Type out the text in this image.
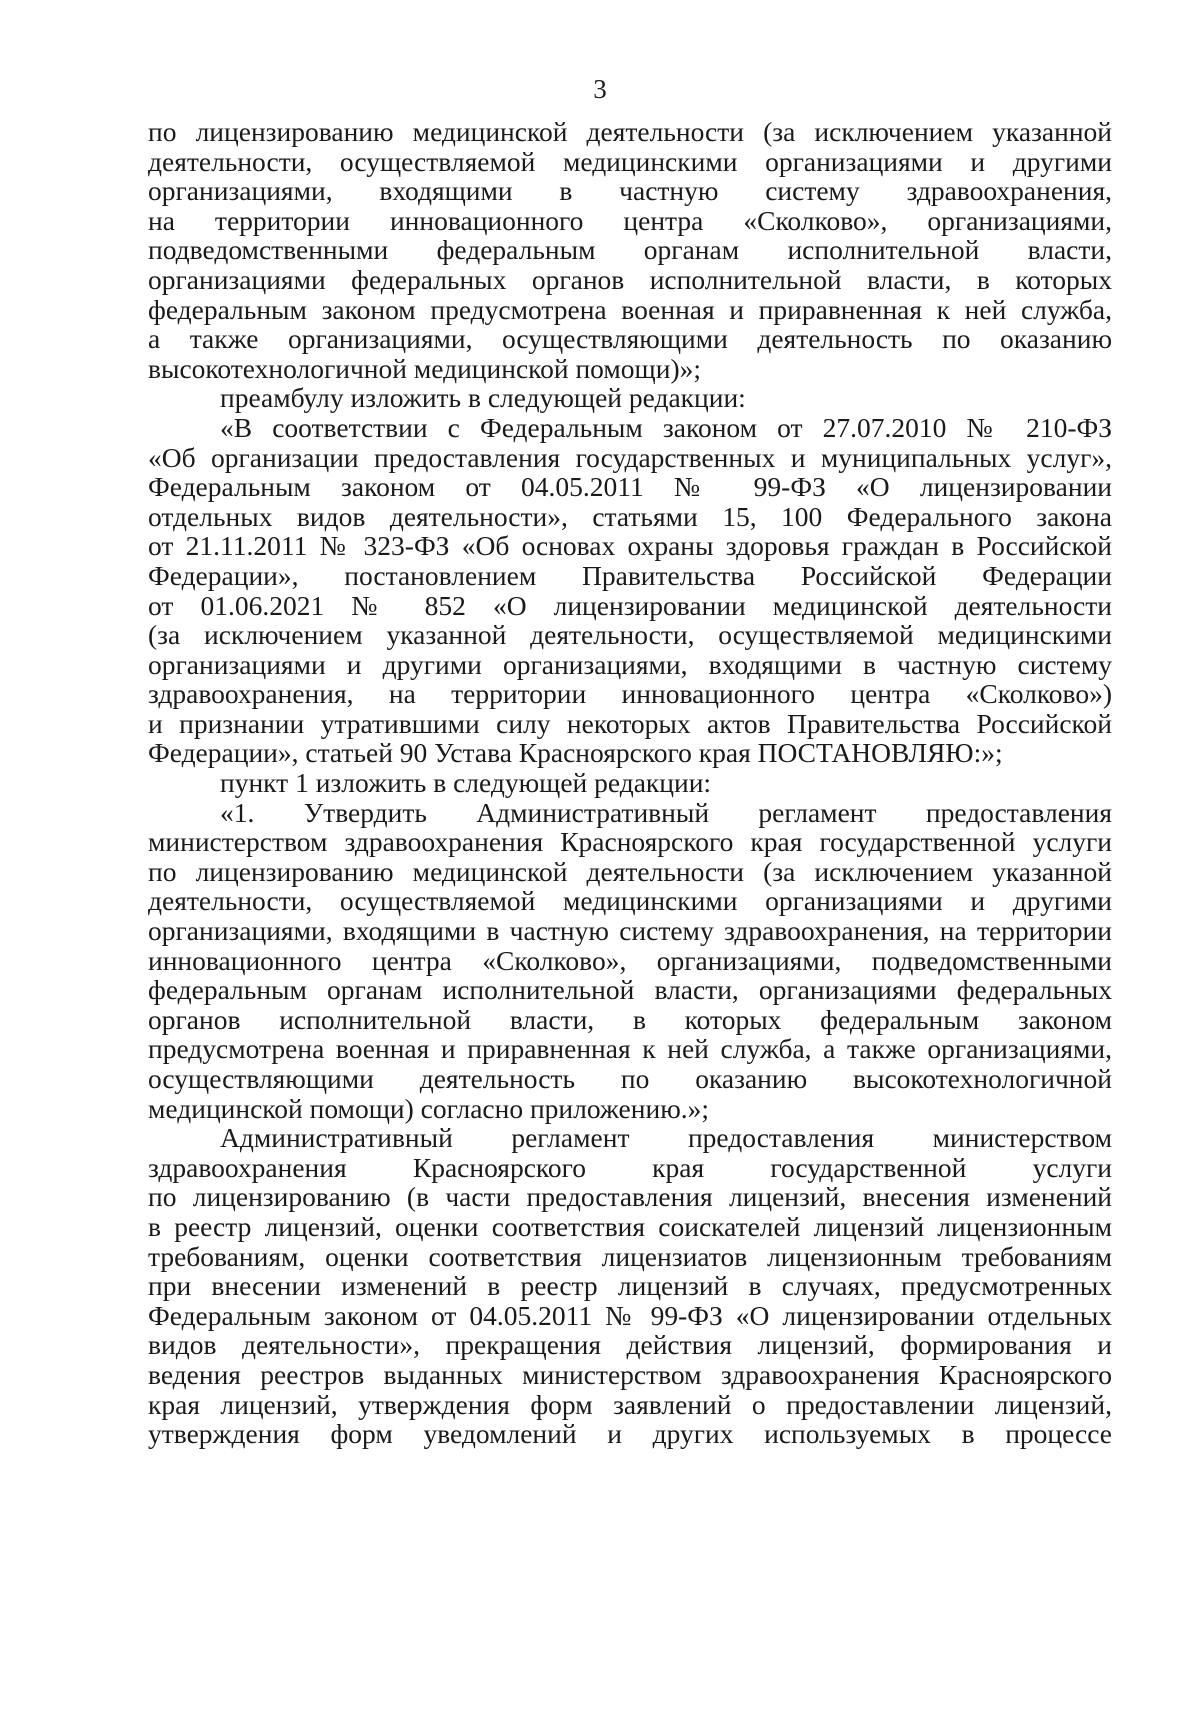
3

по лицензированию медицинской деятельности (за исключением указанной

деятельности, осуществляемой медицинскими организациями и другими

организациями, входящими в частную систему здравоохранения,

на территории инновационного центра «Сколково», организациями,

подведомственными федеральным органам исполнительной власти,

организациями федеральных органов исполнительной власти, в которых

федеральным законом предусмотрена военная и приравненная к ней служба,

а также организациями, осуществляющими деятельность по оказанию

высокотехнологичной медицинской помощи)»;

преамбулу изложить в следующей редакции:

«В соответствии с Федеральным законом от 27.07.2010 № 210-ФЗ

«Об организации предоставления государственных и муниципальных услуг»,

Федеральным законом от 04.05.2011 № 99-ФЗ «О лицензировании

отдельных видов деятельности», статьями 15, 100 Федерального закона

от 21.11.2011 № 323-ФЗ «Об основах охраны здоровья граждан в Российской

Федерации», постановлением Правительства Российской Федерации

от 01.06.2021 № 852 «О лицензировании медицинской деятельности

(за исключением указанной деятельности, осуществляемой медицинскими

организациями и другими организациями, входящими в частную систему

здравоохранения, на территории инновационного центра «Сколково»)

и признании утратившими силу некоторых актов Правительства Российской

Федерации», статьей 90 Устава Красноярского края ПОСТАНОВЛЯЮ:»;

пункт 1 изложить в следующей редакции:

«1. Утвердить Административный регламент предоставления

министерством здравоохранения Красноярского края государственной услуги

по лицензированию медицинской деятельности (за исключением указанной

деятельности, осуществляемой медицинскими организациями и другими

организациями, входящими в частную систему здравоохранения, на территории

инновационного центра «Сколково», организациями, подведомственными

федеральным органам исполнительной власти, организациями федеральных

органов исполнительной власти, в которых федеральным законом

предусмотрена военная и приравненная к ней служба, а также организациями,

осуществляющими деятельность по оказанию высокотехнологичной

медицинской помощи) согласно приложению.»;

Административный регламент предоставления министерством

здравоохранения Красноярского края государственной услуги

по лицензированию (в части предоставления лицензий, внесения изменений

в реестр лицензий, оценки соответствия соискателей лицензий лицензионным

требованиям, оценки соответствия лицензиатов лицензионным требованиям

при внесении изменений в реестр лицензий в случаях, предусмотренных

Федеральным законом от 04.05.2011 № 99-ФЗ «О лицензировании отдельных

видов деятельности», прекращения действия лицензий, формирования и

ведения реестров выданных министерством здравоохранения Красноярского

края лицензий, утверждения форм заявлений о предоставлении лицензий,

утверждения форм уведомлений и других используемых в процессе
